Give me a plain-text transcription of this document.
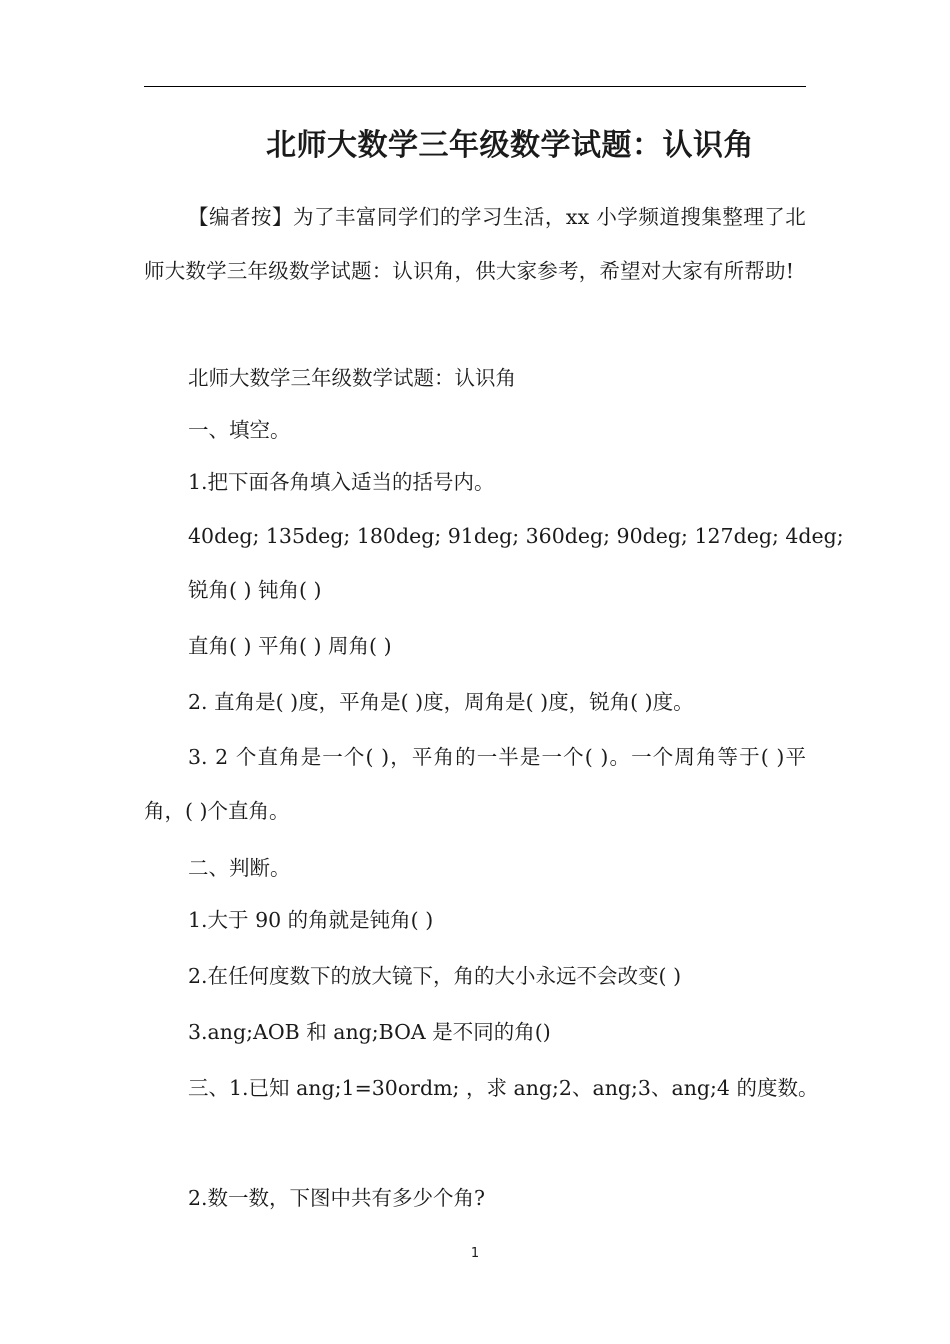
北师大数学三年级数学试题：认识角
【编者按】为了丰富同学们的学习生活，xx 小学频道搜集整理了北师大数学三年级数学试题：认识角，供大家参考，希望对大家有所帮助!
北师大数学三年级数学试题：认识角
一、填空。
1.把下面各角填入适当的括号内。
40deg; 135deg; 180deg; 91deg; 360deg; 90deg; 127deg; 4deg;
锐角( ) 钝角( )
直角( ) 平角( ) 周角( )
2. 直角是( )度，平角是( )度，周角是( )度，锐角( )度。
3. 2 个直角是一个( )，平角的一半是一个( )。一个周角等于( )平角，( )个直角。
二、判断。
1.大于 90 的角就是钝角( )
2.在任何度数下的放大镜下，角的大小永远不会改变( )
3.ang;AOB 和 ang;BOA 是不同的角()
三、1.已知 ang;1=30ordm; ，求 ang;2、ang;3、ang;4 的度数。
2.数一数，下图中共有多少个角?
1
